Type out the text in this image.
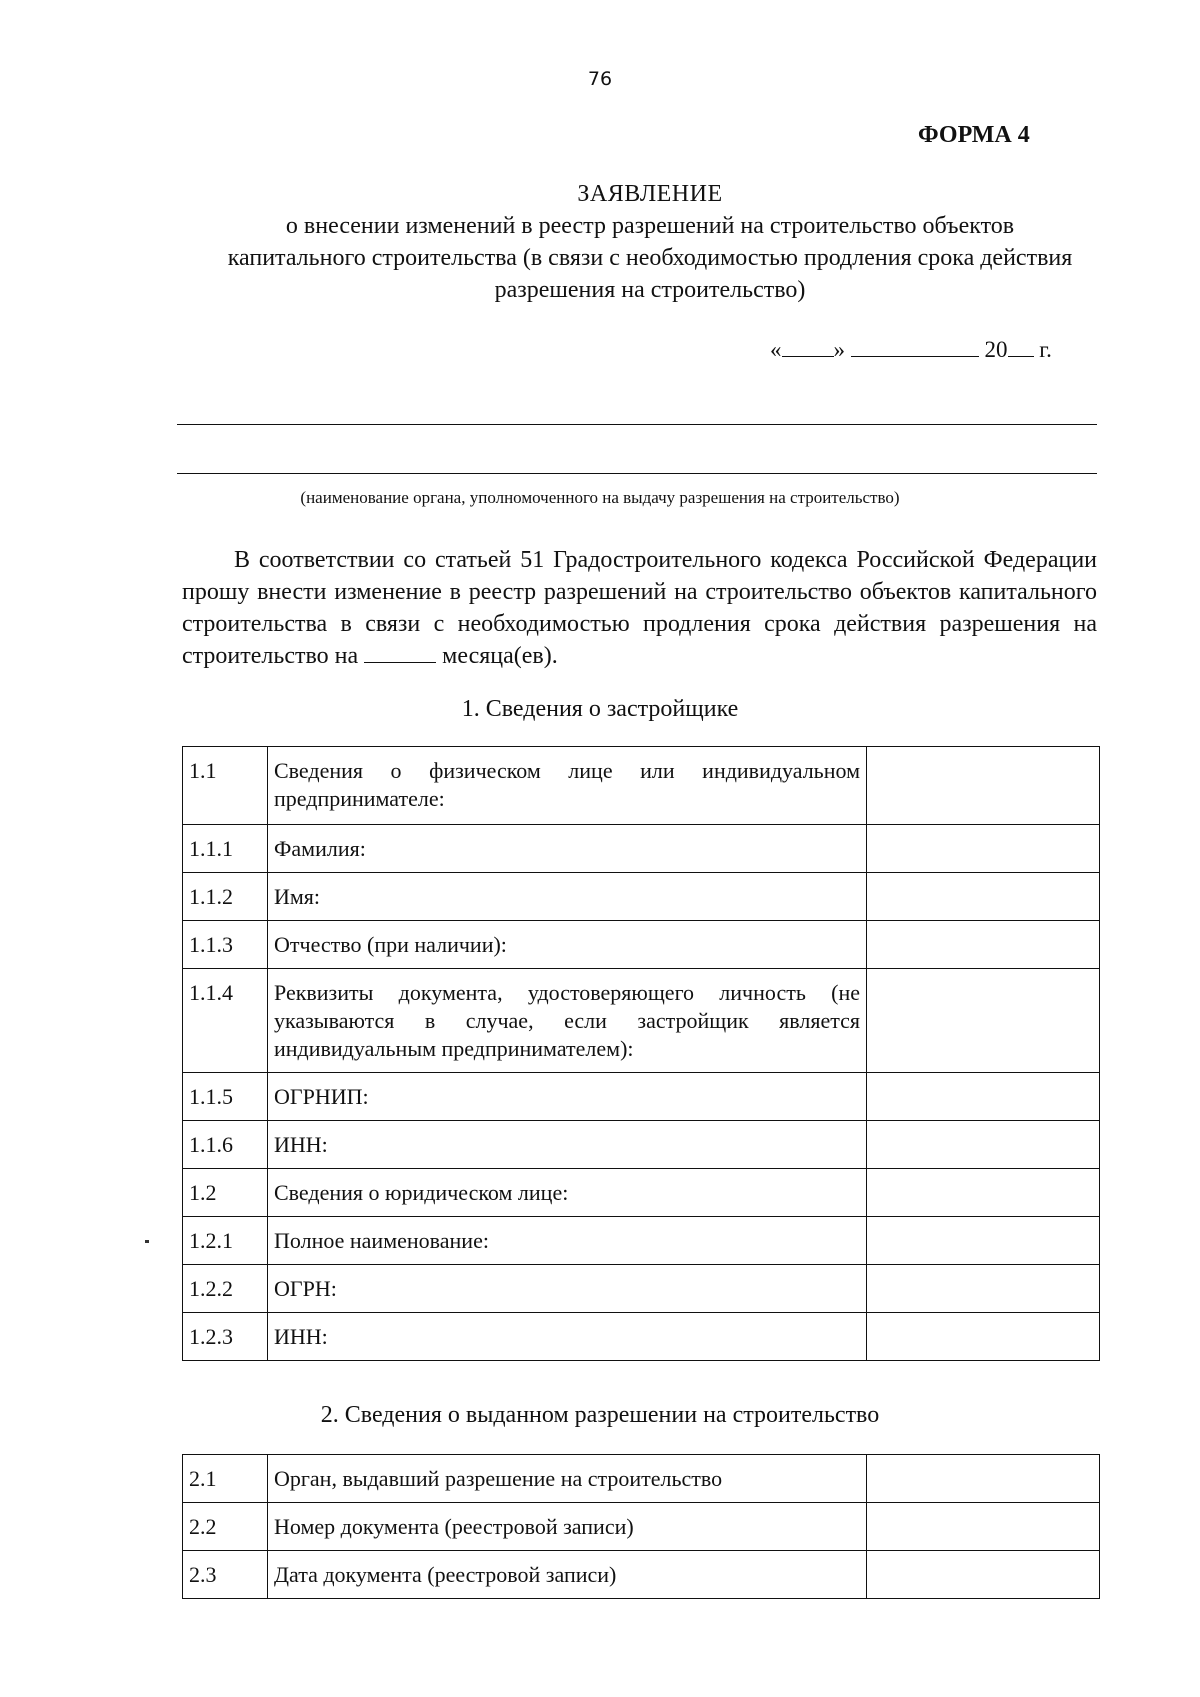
76
ФОРМА 4
ЗАЯВЛЕНИЕ
о внесении изменений в реестр разрешений на строительство объектов
капитального строительства (в связи с необходимостью продления срока действия
разрешения на строительство)
« »	20 г.
(наименование органа, уполномоченного на выдачу разрешения на строительство)
В соответствии со статьей 51 Градостроительного кодекса Российской Федерации прошу внести изменение в реестр разрешений на строительство объектов капитального строительства в связи с необходимостью продления срока действия разрешения на строительство на	месяца(ев).
1. Сведения о застройщике
1.1	Сведения о физическом лице или индивидуальном предпринимателе:	
1.1.1	Фамилия:	
1.1.2	Имя:	
1.1.3	Отчество (при наличии):	
1.1.4	Реквизиты документа, удостоверяющего личность (не указываются в случае, если застройщик является индивидуальным предпринимателем):	
1.1.5	ОГРНИП:	
1.1.6	ИНН:	
1.2	Сведения о юридическом лице:	
1.2.1	Полное наименование:	
1.2.2	ОГРН:	
1.2.3	ИНН:	
2. Сведения о выданном разрешении на строительство
2.1	Орган, выдавший разрешение на строительство	
2.2	Номер документа (реестровой записи)	
2.3	Дата документа (реестровой записи)	
